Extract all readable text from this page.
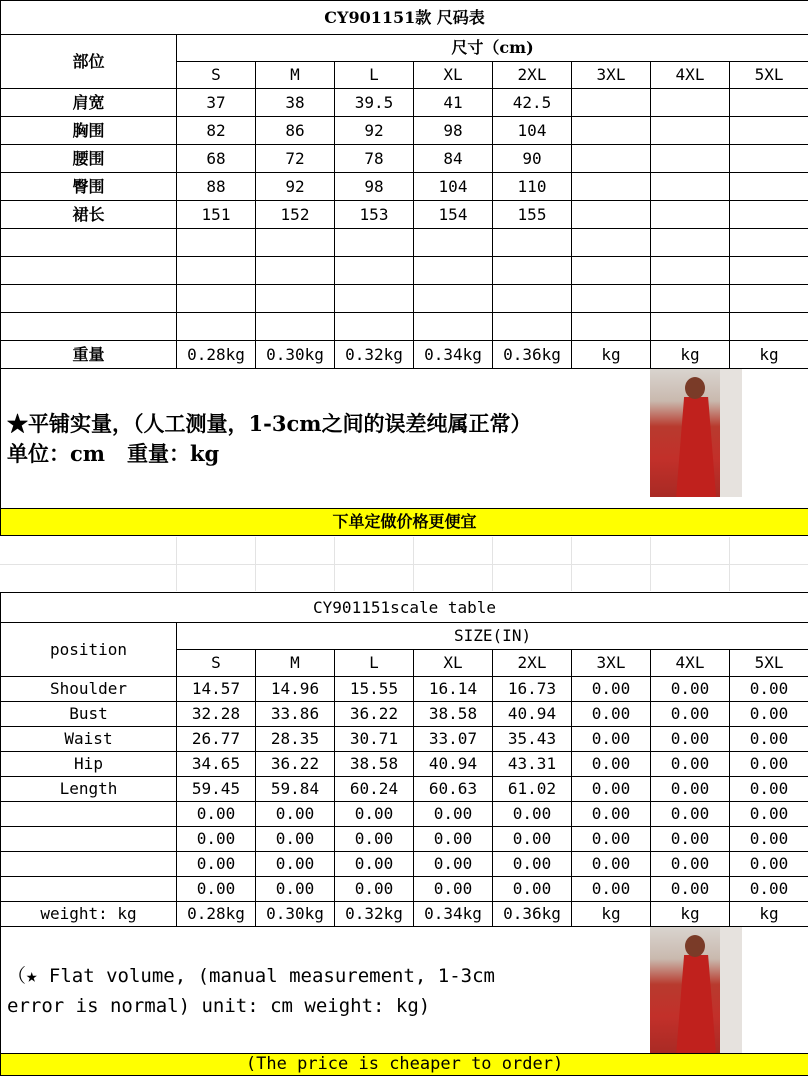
CY901151款 尺码表								
部位	尺寸（cm)							
	S	M	L	XL	2XL	3XL	4XL	5XL
肩宽	37	38	39.5	41	42.5			
胸围	82	86	92	98	104			
腰围	68	72	78	84	90			
臀围	88	92	98	104	110			
裙长	151	152	153	154	155			

重量	0.28kg	0.30kg	0.32kg	0.34kg	0.36kg	kg	kg	kg

★平铺实量，（人工测量，1-3cm之间的误差纯属正常）
单位：cm   重量：kg								

下单定做价格更便宜								
CY901151scale table								
position	SIZE(IN)							
	S	M	L	XL	2XL	3XL	4XL	5XL
Shoulder	14.57	14.96	15.55	16.14	16.73	0.00	0.00	0.00
Bust	32.28	33.86	36.22	38.58	40.94	0.00	0.00	0.00
Waist	26.77	28.35	30.71	33.07	35.43	0.00	0.00	0.00
Hip	34.65	36.22	38.58	40.94	43.31	0.00	0.00	0.00
Length	59.45	59.84	60.24	60.63	61.02	0.00	0.00	0.00
	0.00	0.00	0.00	0.00	0.00	0.00	0.00	0.00
	0.00	0.00	0.00	0.00	0.00	0.00	0.00	0.00
	0.00	0.00	0.00	0.00	0.00	0.00	0.00	0.00
	0.00	0.00	0.00	0.00	0.00	0.00	0.00	0.00
weight: kg	0.28kg	0.30kg	0.32kg	0.34kg	0.36kg	kg	kg	kg

（★ Flat volume, (manual measurement, 1-3cm
error is normal) unit: cm weight: kg)								

(The price is cheaper to order)								
